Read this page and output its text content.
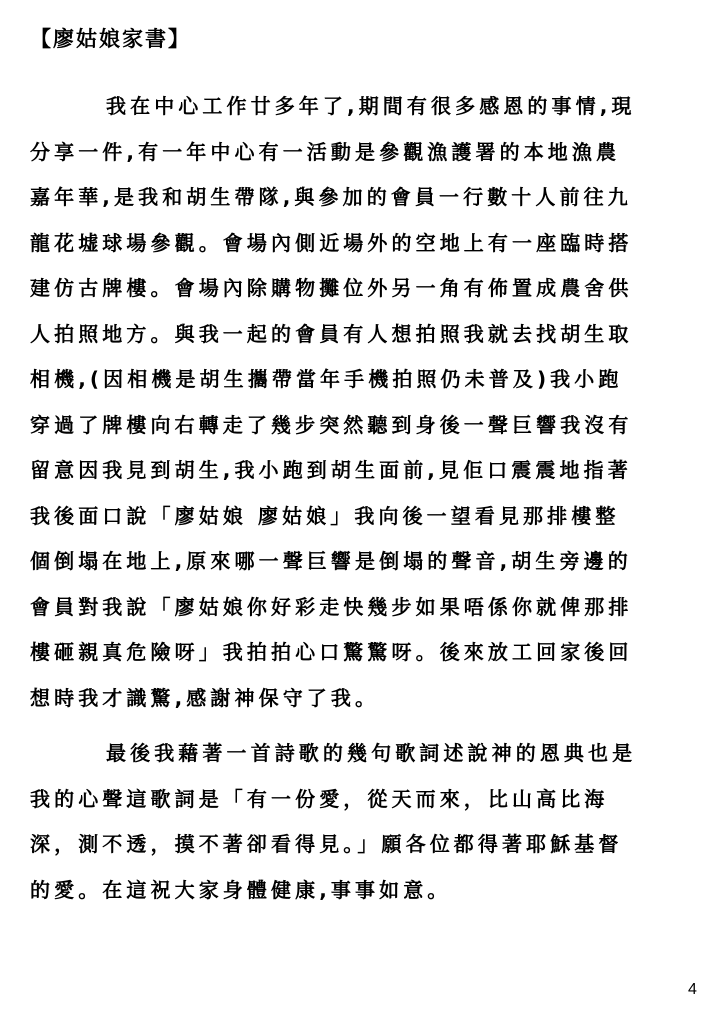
【廖姑娘家書】
我在中心工作廿多年了,期間有很多感恩的事情,現
分享一件,有一年中心有一活動是參觀漁護署的本地漁農
嘉年華,是我和胡生帶隊,與參加的會員一行數十人前往九
龍花墟球場參觀。會場內側近場外的空地上有一座臨時搭
建仿古牌樓。會場內除購物攤位外另一角有佈置成農舍供
人拍照地方。與我一起的會員有人想拍照我就去找胡生取
相機,(因相機是胡生攜帶當年手機拍照仍未普及)我小跑
穿過了牌樓向右轉走了幾步突然聽到身後一聲巨響我沒有
留意因我見到胡生,我小跑到胡生面前,見佢口震震地指著
我後面口說「廖姑娘 廖姑娘」我向後一望看見那排樓整
個倒塌在地上,原來哪一聲巨響是倒塌的聲音,胡生旁邊的
會員對我說「廖姑娘你好彩走快幾步如果唔係你就俾那排
樓砸親真危險呀」我拍拍心口驚驚呀。後來放工回家後回
想時我才識驚,感謝神保守了我。
最後我藉著一首詩歌的幾句歌詞述說神的恩典也是
我的心聲這歌詞是「有一份愛，從天而來，比山高比海
深，測不透，摸不著卻看得見。」願各位都得著耶穌基督
的愛。在這祝大家身體健康,事事如意。
4
